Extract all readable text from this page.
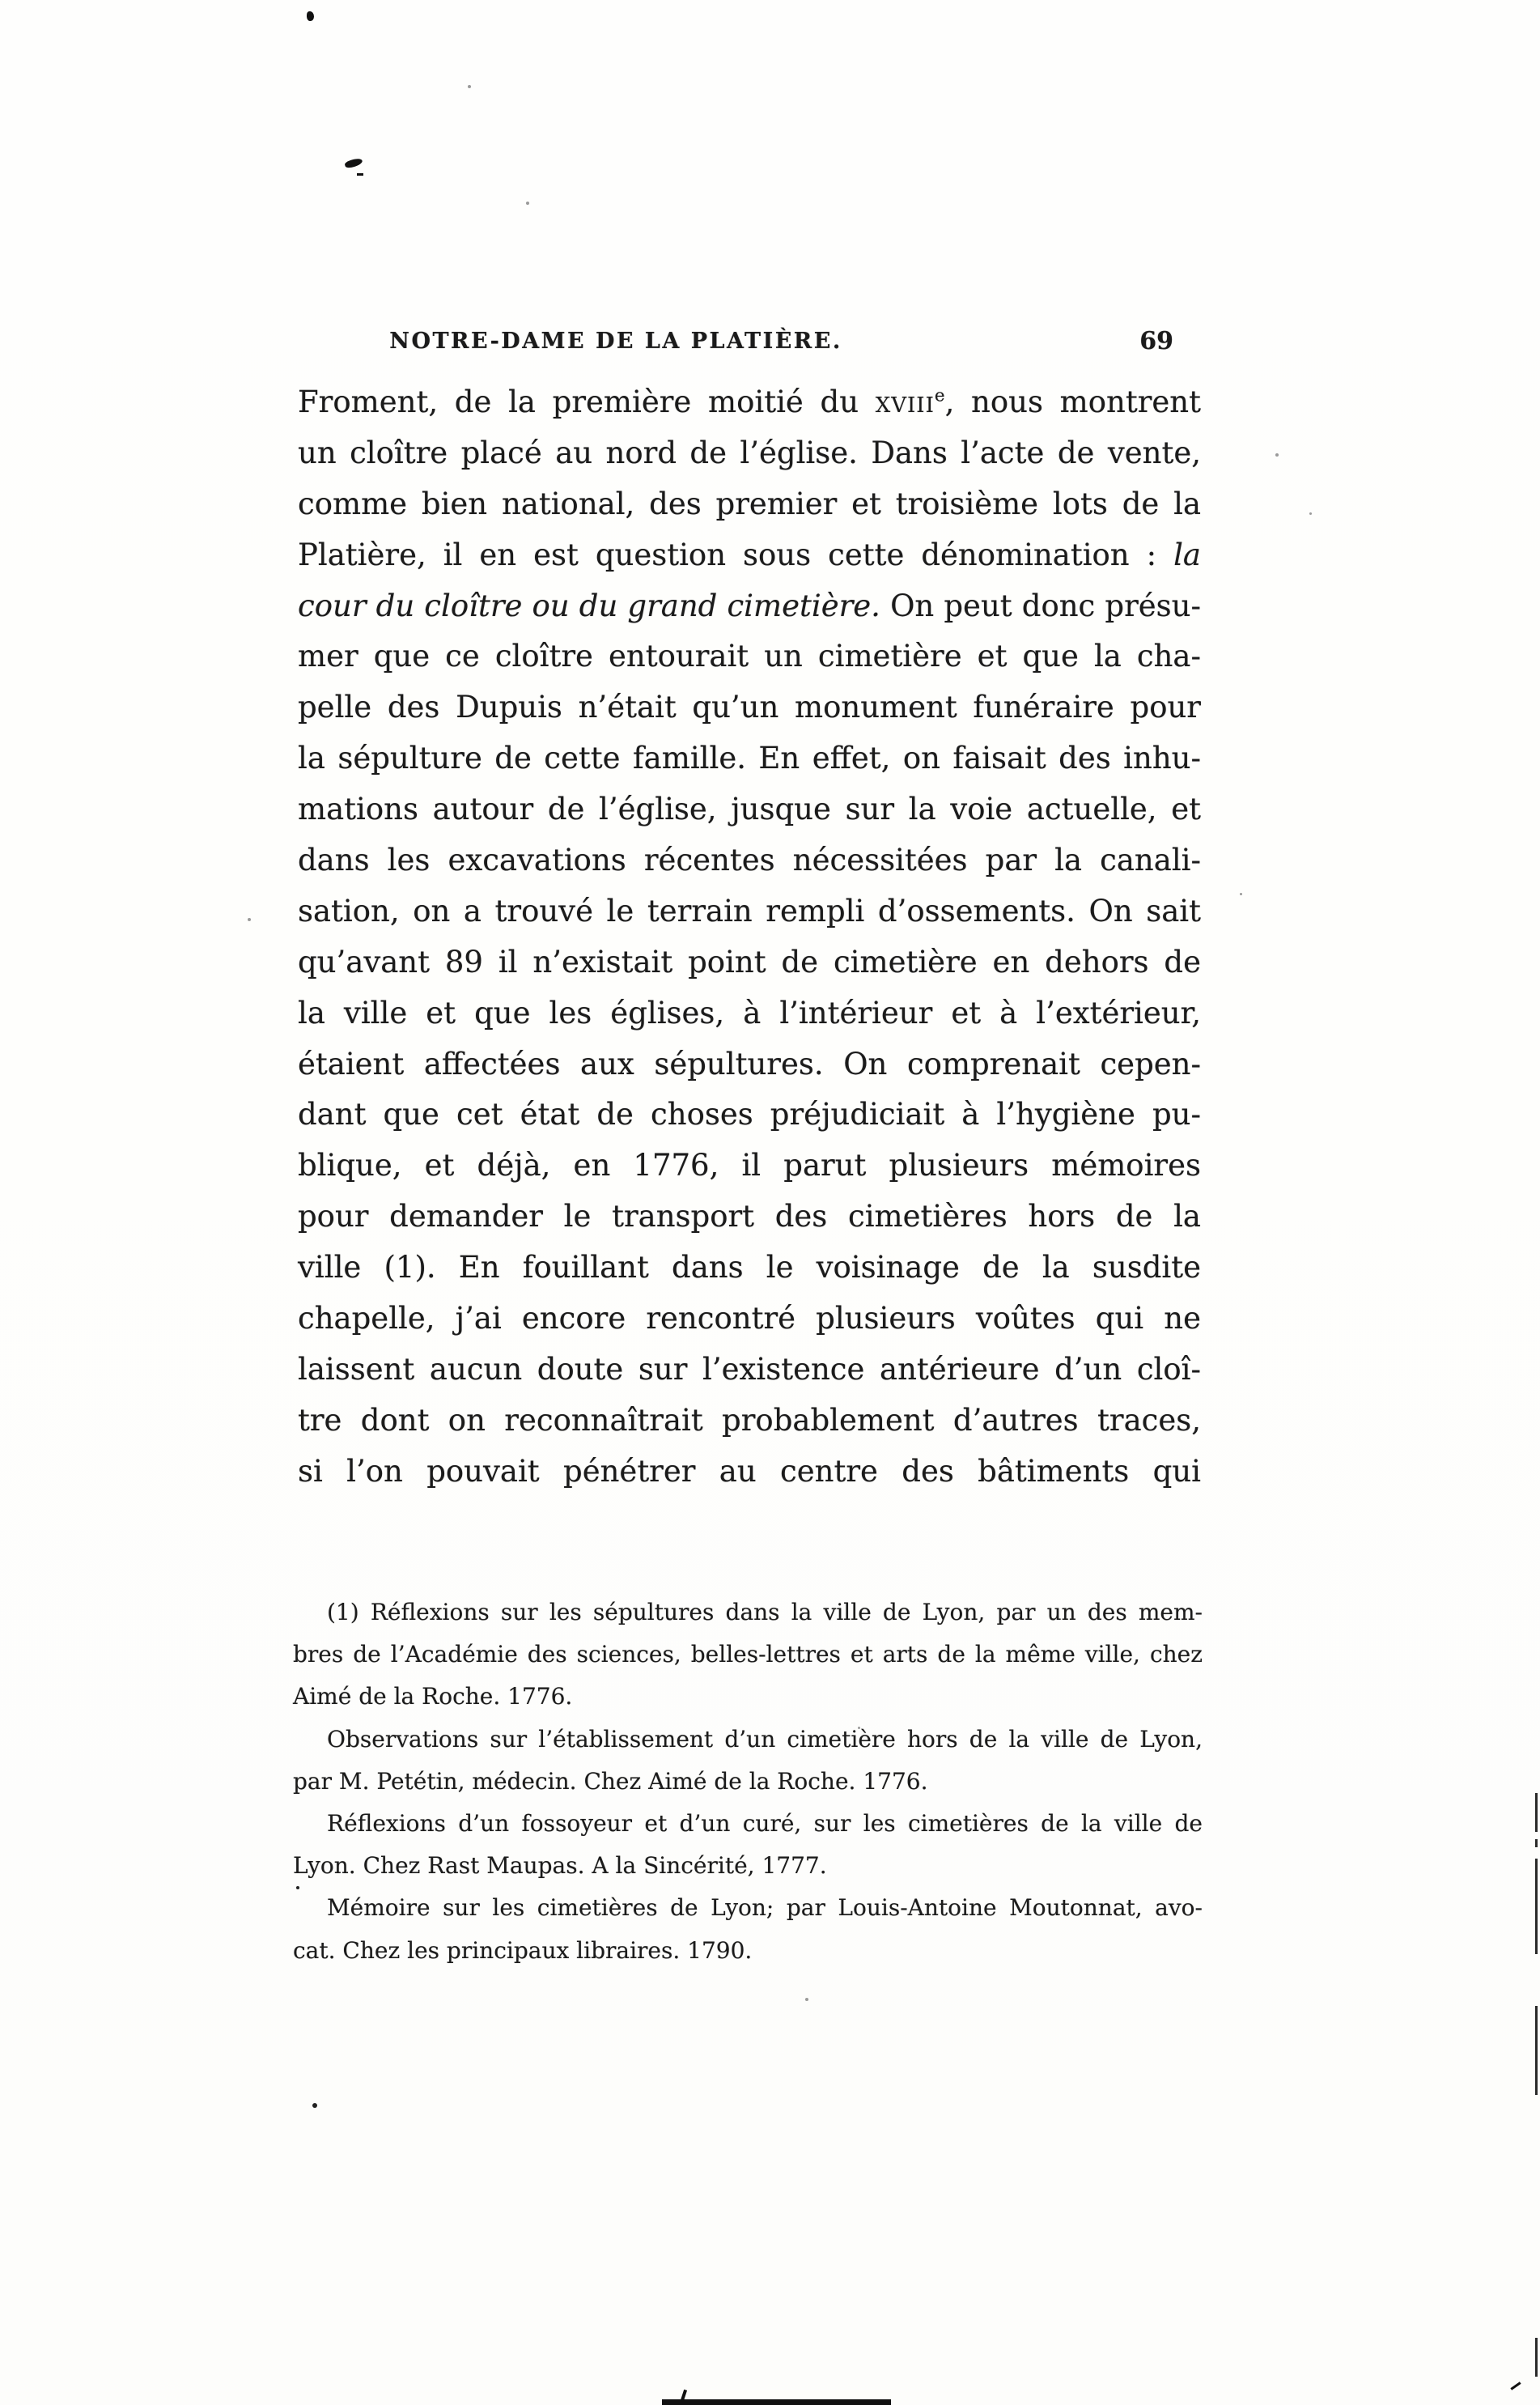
NOTRE-DAME DE LA PLATIÈRE.	69
Froment, de la première moitié du xviii$^e$, nous montrent
un cloître placé au nord de l’église. Dans l’acte de vente,
comme bien national, des premier et troisième lots de la
Platière, il en est question sous cette dénomination : la
cour du cloître ou du grand cimetière. On peut donc présu-
mer que ce cloître entourait un cimetière et que la cha-
pelle des Dupuis n’était qu’un monument funéraire pour
la sépulture de cette famille. En effet, on faisait des inhu-
mations autour de l’église, jusque sur la voie actuelle, et
dans les excavations récentes nécessitées par la canali-
sation, on a trouvé le terrain rempli d’ossements. On sait
qu’avant 89 il n’existait point de cimetière en dehors de
la ville et que les églises, à l’intérieur et à l’extérieur,
étaient affectées aux sépultures. On comprenait cepen-
dant que cet état de choses préjudiciait à l’hygiène pu-
blique, et déjà, en 1776, il parut plusieurs mémoires
pour demander le transport des cimetières hors de la
ville (1). En fouillant dans le voisinage de la susdite
chapelle, j’ai encore rencontré plusieurs voûtes qui ne
laissent aucun doute sur l’existence antérieure d’un cloî-
tre dont on reconnaîtrait probablement d’autres traces,
si l’on pouvait pénétrer au centre des bâtiments qui
(1) Réflexions sur les sépultures dans la ville de Lyon, par un des mem-
bres de l’Académie des sciences, belles-lettres et arts de la même ville, chez
Aimé de la Roche. 1776.
Observations sur l’établissement d’un cimetière hors de la ville de Lyon,
par M. Petétin, médecin. Chez Aimé de la Roche. 1776.
Réflexions d’un fossoyeur et d’un curé, sur les cimetières de la ville de
Lyon. Chez Rast Maupas. A la Sincérité, 1777.
Mémoire sur les cimetières de Lyon; par Louis-Antoine Moutonnat, avo-
cat. Chez les principaux libraires. 1790.
